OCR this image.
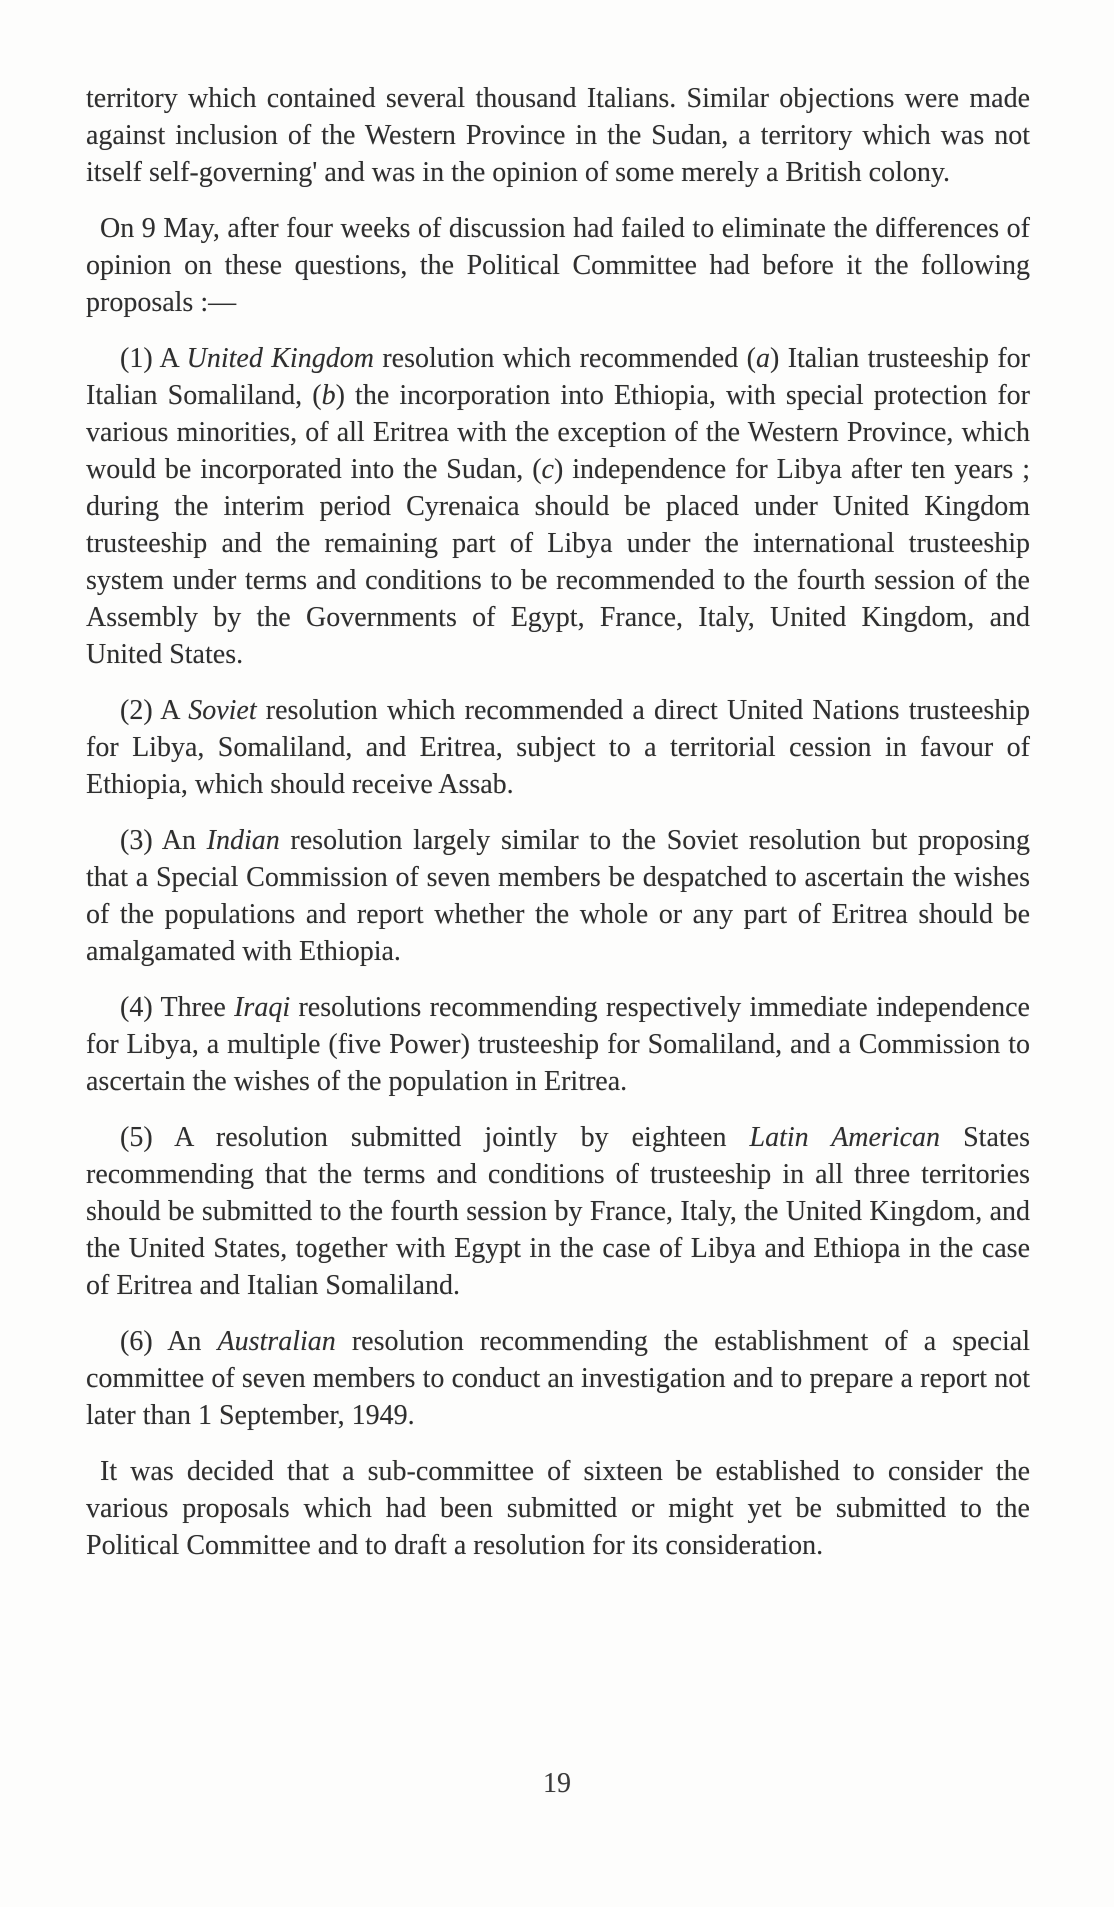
territory which contained several thousand Italians. Similar objections were made against inclusion of the Western Province in the Sudan, a territory which was not itself self-governing' and was in the opinion of some merely a British colony.

On 9 May, after four weeks of discussion had failed to eliminate the differences of opinion on these questions, the Political Committee had before it the following proposals :—

(1) A United Kingdom resolution which recommended (a) Italian trusteeship for Italian Somaliland, (b) the incorporation into Ethiopia, with special protection for various minorities, of all Eritrea with the exception of the Western Province, which would be incorporated into the Sudan, (c) independence for Libya after ten years ; during the interim period Cyrenaica should be placed under United Kingdom trusteeship and the remaining part of Libya under the international trusteeship system under terms and conditions to be recommended to the fourth session of the Assembly by the Governments of Egypt, France, Italy, United Kingdom, and United States.

(2) A Soviet resolution which recommended a direct United Nations trusteeship for Libya, Somaliland, and Eritrea, subject to a territorial cession in favour of Ethiopia, which should receive Assab.

(3) An Indian resolution largely similar to the Soviet resolution but proposing that a Special Commission of seven members be despatched to ascertain the wishes of the populations and report whether the whole or any part of Eritrea should be amalgamated with Ethiopia.

(4) Three Iraqi resolutions recommending respectively immediate independence for Libya, a multiple (five Power) trusteeship for Somaliland, and a Commission to ascertain the wishes of the population in Eritrea.

(5) A resolution submitted jointly by eighteen Latin American States recommending that the terms and conditions of trusteeship in all three territories should be submitted to the fourth session by France, Italy, the United Kingdom, and the United States, together with Egypt in the case of Libya and Ethiopa in the case of Eritrea and Italian Somaliland.

(6) An Australian resolution recommending the establishment of a special committee of seven members to conduct an investigation and to prepare a report not later than 1 September, 1949.

It was decided that a sub-committee of sixteen be established to consider the various proposals which had been submitted or might yet be submitted to the Political Committee and to draft a resolution for its consideration.

19
